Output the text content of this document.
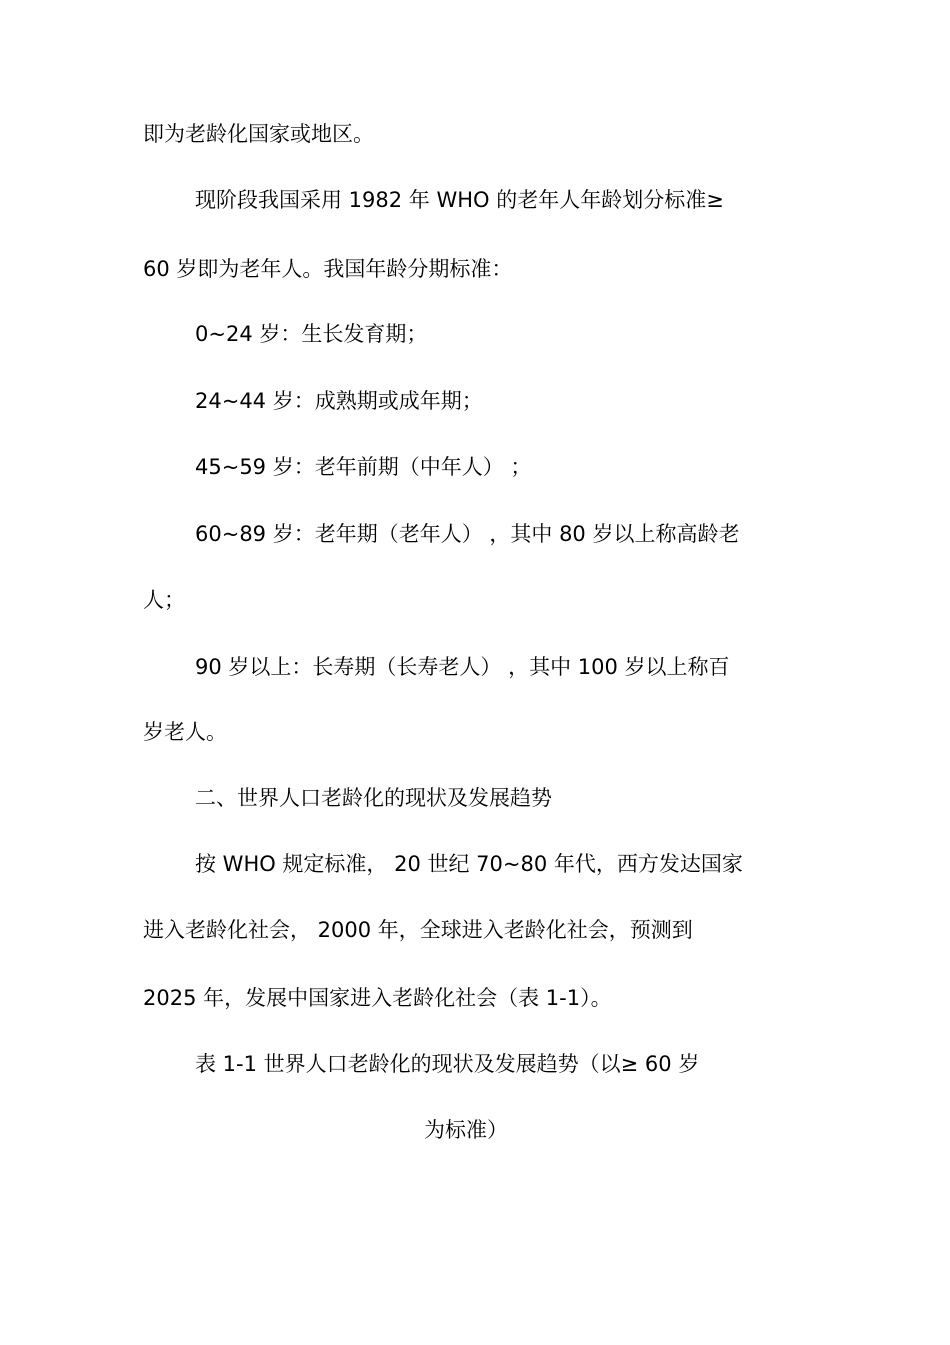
即为老龄化国家或地区。
现阶段我国采用 1982 年 WHO 的老年人年龄划分标准≥
60 岁即为老年人。我国年龄分期标准：
0~24 岁：生长发育期；
24~44 岁：成熟期或成年期；
45~59 岁：老年前期（中年人） ；
60~89 岁：老年期（老年人） ，其中 80 岁以上称高龄老
人；
90 岁以上：长寿期（长寿老人） ，其中 100 岁以上称百
岁老人。
二、世界人口老龄化的现状及发展趋势
按 WHO 规定标准， 20 世纪 70~80 年代，西方发达国家
进入老龄化社会， 2000 年，全球进入老龄化社会，预测到
2025 年，发展中国家进入老龄化社会（表 1-1）。
表 1-1 世界人口老龄化的现状及发展趋势（以≥ 60 岁
为标准）
